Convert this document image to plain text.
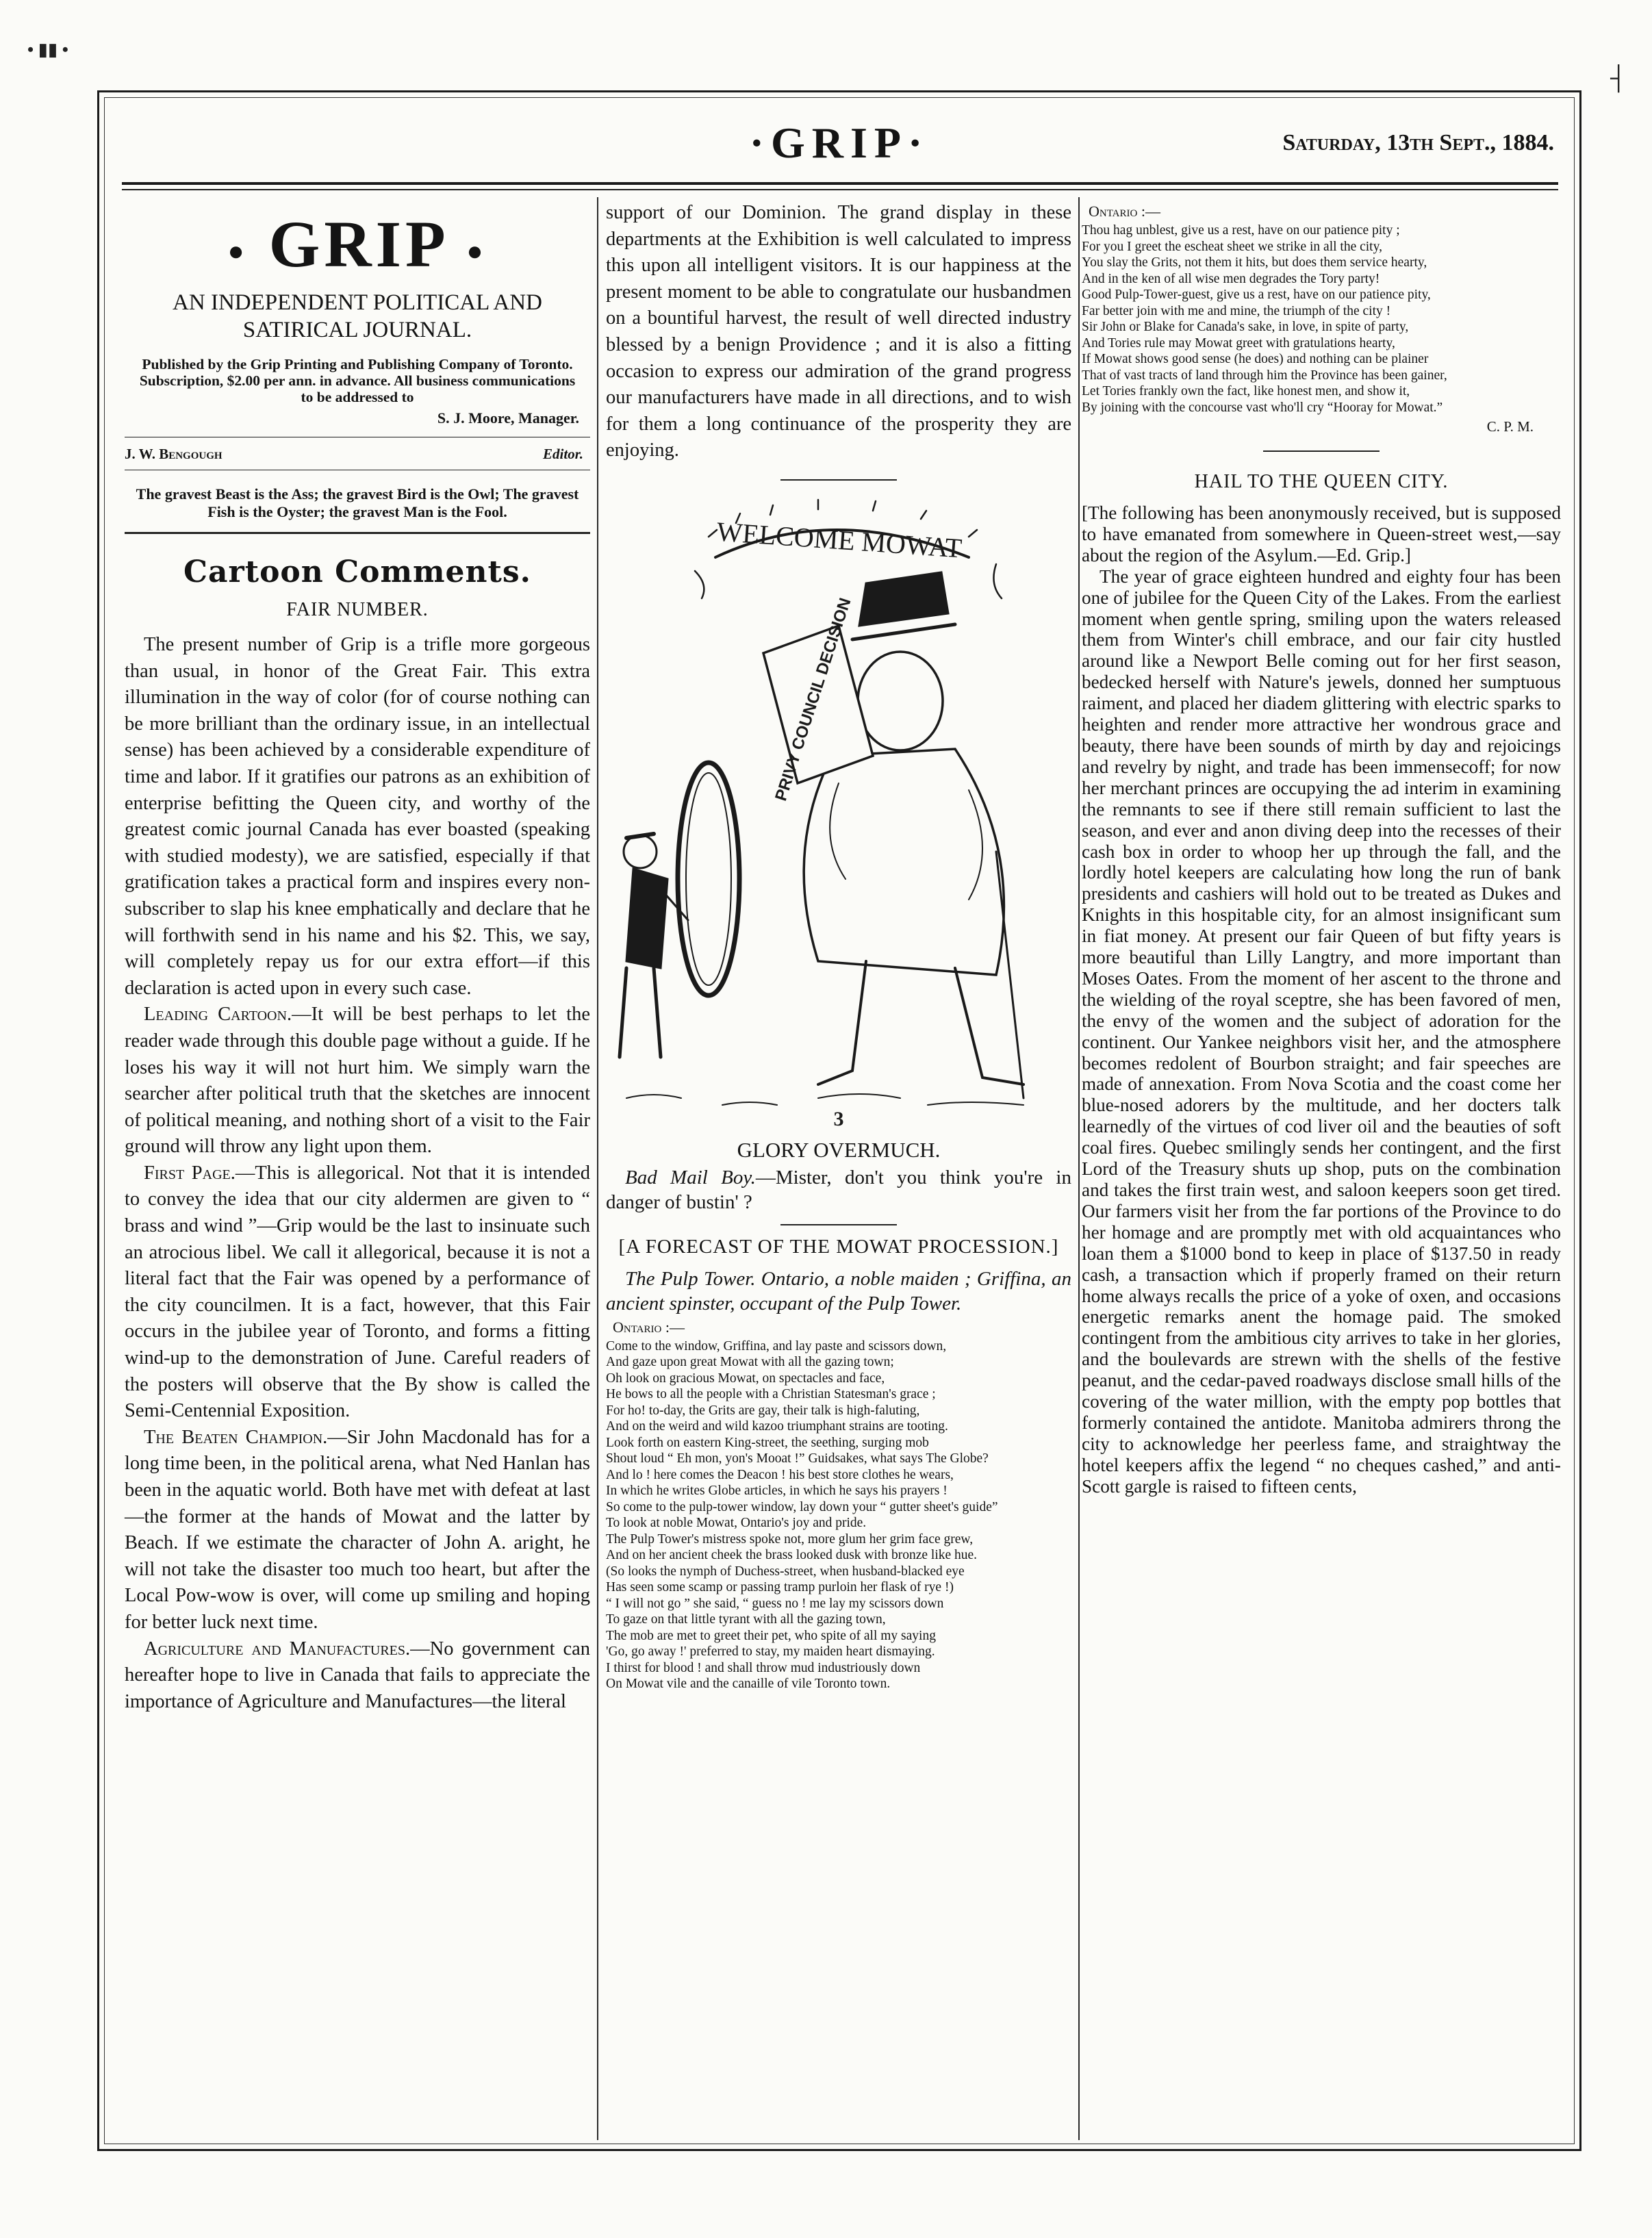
• ▮▮ •
┤
·GRIP·	Saturday, 13th Sept., 1884.
● GRIP ●
AN INDEPENDENT POLITICAL AND SATIRICAL JOURNAL.
Published by the Grip Printing and Publishing Company of Toronto. Subscription, $2.00 per ann. in advance. All business communications to be addressed to
S. J. Moore, Manager.
J. W. Bengough	Editor.
The gravest Beast is the Ass; the gravest Bird is the Owl; The gravest Fish is the Oyster; the gravest Man is the Fool.
Cartoon Comments.
FAIR NUMBER.

The present number of Grip is a trifle more gorgeous than usual, in honor of the Great Fair. This extra illumination in the way of color (for of course nothing can be more brilliant than the ordinary issue, in an intellectual sense) has been achieved by a considerable expenditure of time and labor. If it gratifies our patrons as an exhibition of enterprise befitting the Queen city, and worthy of the greatest comic journal Canada has ever boasted (speaking with studied modesty), we are satisfied, especially if that gratification takes a practical form and inspires every non-subscriber to slap his knee emphatically and declare that he will forthwith send in his name and his $2. This, we say, will completely repay us for our extra effort—if this declaration is acted upon in every such case.

Leading Cartoon.—It will be best perhaps to let the reader wade through this double page without a guide. If he loses his way it will not hurt him. We simply warn the searcher after political truth that the sketches are innocent of political meaning, and nothing short of a visit to the Fair ground will throw any light upon them.

First Page.—This is allegorical. Not that it is intended to convey the idea that our city aldermen are given to “ brass and wind ”—Grip would be the last to insinuate such an atrocious libel. We call it allegorical, because it is not a literal fact that the Fair was opened by a performance of the city councilmen. It is a fact, however, that this Fair occurs in the jubilee year of Toronto, and forms a fitting wind-up to the demonstration of June. Careful readers of the posters will observe that the By show is called the Semi-Centennial Exposition.

The Beaten Champion.—Sir John Macdonald has for a long time been, in the political arena, what Ned Hanlan has been in the aquatic world. Both have met with defeat at last—the former at the hands of Mowat and the latter by Beach. If we estimate the character of John A. aright, he will not take the disaster too much too heart, but after the Local Pow-wow is over, will come up smiling and hoping for better luck next time.

Agriculture and Manufactures.—No government can hereafter hope to live in Canada that fails to appreciate the importance of Agriculture and Manufactures—the literal

support of our Dominion. The grand display in these departments at the Exhibition is well calculated to impress this upon all intelligent visitors. It is our happiness at the present moment to be able to congratulate our husbandmen on a bountiful harvest, the result of well directed industry blessed by a benign Providence ; and it is also a fitting occasion to express our admiration of the grand progress our manufacturers have made in all directions, and to wish for them a long continuance of the prosperity they are enjoying.

WELCOME MOWAT
PRIVY COUNCIL DECISION
3
GLORY OVERMUCH.

Bad Mail Boy.—Mister, don't you think you're in danger of bustin' ?

[A FORECAST OF THE MOWAT PROCESSION.]

The Pulp Tower. Ontario, a noble maiden ; Griffina, an ancient spinster, occupant of the Pulp Tower.

Ontario :—
Come to the window, Griffina, and lay paste and scissors down,
And gaze upon great Mowat with all the gazing town;
Oh look on gracious Mowat, on spectacles and face,
He bows to all the people with a Christian Statesman's grace ;
For ho! to-day, the Grits are gay, their talk is high-faluting,
And on the weird and wild kazoo triumphant strains are tooting.
Look forth on eastern King-street, the seething, surging mob
Shout loud “ Eh mon, yon's Mooat !” Guidsakes, what says The Globe?
And lo ! here comes the Deacon ! his best store clothes he wears,
In which he writes Globe articles, in which he says his prayers !
So come to the pulp-tower window, lay down your “ gutter sheet's guide”
To look at noble Mowat, Ontario's joy and pride.
The Pulp Tower's mistress spoke not, more glum her grim face grew,
And on her ancient cheek the brass looked dusk with bronze like hue.
(So looks the nymph of Duchess-street, when husband-blacked eye
Has seen some scamp or passing tramp purloin her flask of rye !)
“ I will not go ” she said, “ guess no ! me lay my scissors down
To gaze on that little tyrant with all the gazing town,
The mob are met to greet their pet, who spite of all my saying
'Go, go away !' preferred to stay, my maiden heart dismaying.
I thirst for blood ! and shall throw mud industriously down
On Mowat vile and the canaille of vile Toronto town.
Ontario :—
Thou hag unblest, give us a rest, have on our patience pity ;
For you I greet the escheat sheet we strike in all the city,
You slay the Grits, not them it hits, but does them service hearty,
And in the ken of all wise men degrades the Tory party!
Good Pulp-Tower-guest, give us a rest, have on our patience pity,
Far better join with me and mine, the triumph of the city !
Sir John or Blake for Canada's sake, in love, in spite of party,
And Tories rule may Mowat greet with gratulations hearty,
If Mowat shows good sense (he does) and nothing can be plainer
That of vast tracts of land through him the Province has been gainer,
Let Tories frankly own the fact, like honest men, and show it,
By joining with the concourse vast who'll cry “Hooray for Mowat.”
C. P. M.
HAIL TO THE QUEEN CITY.

[The following has been anonymously received, but is supposed to have emanated from somewhere in Queen-street west,—say about the region of the Asylum.—Ed. Grip.]

The year of grace eighteen hundred and eighty four has been one of jubilee for the Queen City of the Lakes. From the earliest moment when gentle spring, smiling upon the waters released them from Winter's chill embrace, and our fair city hustled around like a Newport Belle coming out for her first season, bedecked herself with Nature's jewels, donned her sumptuous raiment, and placed her diadem glittering with electric sparks to heighten and render more attractive her wondrous grace and beauty, there have been sounds of mirth by day and rejoicings and revelry by night, and trade has been immensecoff; for now her merchant princes are occupying the ad interim in examining the remnants to see if there still remain sufficient to last the season, and ever and anon diving deep into the recesses of their cash box in order to whoop her up through the fall, and the lordly hotel keepers are calculating how long the run of bank presidents and cashiers will hold out to be treated as Dukes and Knights in this hospitable city, for an almost insignificant sum in fiat money. At present our fair Queen of but fifty years is more beautiful than Lilly Langtry, and more important than Moses Oates. From the moment of her ascent to the throne and the wielding of the royal sceptre, she has been favored of men, the envy of the women and the subject of adoration for the continent. Our Yankee neighbors visit her, and the atmosphere becomes redolent of Bourbon straight; and fair speeches are made of annexation. From Nova Scotia and the coast come her blue-nosed adorers by the multitude, and her docters talk learnedly of the virtues of cod liver oil and the beauties of soft coal fires. Quebec smilingly sends her contingent, and the first Lord of the Treasury shuts up shop, puts on the combination and takes the first train west, and saloon keepers soon get tired. Our farmers visit her from the far portions of the Province to do her homage and are promptly met with old acquaintances who loan them a $1000 bond to keep in place of $137.50 in ready cash, a transaction which if properly framed on their return home always recalls the price of a yoke of oxen, and occasions energetic remarks anent the homage paid. The smoked contingent from the ambitious city arrives to take in her glories, and the boulevards are strewn with the shells of the festive peanut, and the cedar-paved roadways disclose small hills of the covering of the water million, with the empty pop bottles that formerly contained the antidote. Manitoba admirers throng the city to acknowledge her peerless fame, and straightway the hotel keepers affix the legend “ no cheques cashed,” and anti-Scott gargle is raised to fifteen cents,
